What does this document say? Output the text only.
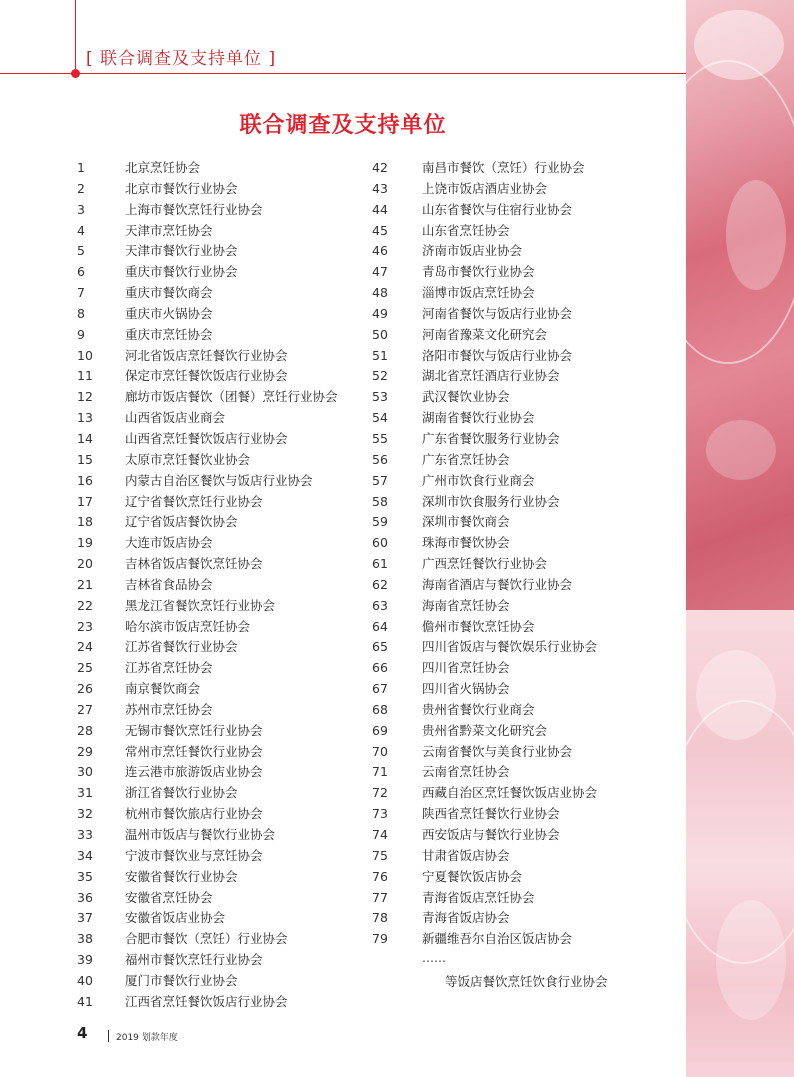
[ 联合调查及支持单位 ]
联合调查及支持单位
1	北京烹饪协会
2	北京市餐饮行业协会
3	上海市餐饮烹饪行业协会
4	天津市烹饪协会
5	天津市餐饮行业协会
6	重庆市餐饮行业协会
7	重庆市餐饮商会
8	重庆市火锅协会
9	重庆市烹饪协会
10	河北省饭店烹饪餐饮行业协会
11	保定市烹饪餐饮饭店行业协会
12	廊坊市饭店餐饮（团餐）烹饪行业协会
13	山西省饭店业商会
14	山西省烹饪餐饮饭店行业协会
15	太原市烹饪餐饮业协会
16	内蒙古自治区餐饮与饭店行业协会
17	辽宁省餐饮烹饪行业协会
18	辽宁省饭店餐饮协会
19	大连市饭店协会
20	吉林省饭店餐饮烹饪协会
21	吉林省食品协会
22	黑龙江省餐饮烹饪行业协会
23	哈尔滨市饭店烹饪协会
24	江苏省餐饮行业协会
25	江苏省烹饪协会
26	南京餐饮商会
27	苏州市烹饪协会
28	无锡市餐饮烹饪行业协会
29	常州市烹饪餐饮行业协会
30	连云港市旅游饭店业协会
31	浙江省餐饮行业协会
32	杭州市餐饮旅店行业协会
33	温州市饭店与餐饮行业协会
34	宁波市餐饮业与烹饪协会
35	安徽省餐饮行业协会
36	安徽省烹饪协会
37	安徽省饭店业协会
38	合肥市餐饮（烹饪）行业协会
39	福州市餐饮烹饪行业协会
40	厦门市餐饮行业协会
41	江西省烹饪餐饮饭店行业协会
42	南昌市餐饮（烹饪）行业协会
43	上饶市饭店酒店业协会
44	山东省餐饮与住宿行业协会
45	山东省烹饪协会
46	济南市饭店业协会
47	青岛市餐饮行业协会
48	淄博市饭店烹饪协会
49	河南省餐饮与饭店行业协会
50	河南省豫菜文化研究会
51	洛阳市餐饮与饭店行业协会
52	湖北省烹饪酒店行业协会
53	武汉餐饮业协会
54	湖南省餐饮行业协会
55	广东省餐饮服务行业协会
56	广东省烹饪协会
57	广州市饮食行业商会
58	深圳市饮食服务行业协会
59	深圳市餐饮商会
60	珠海市餐饮协会
61	广西烹饪餐饮行业协会
62	海南省酒店与餐饮行业协会
63	海南省烹饪协会
64	儋州市餐饮烹饪协会
65	四川省饭店与餐饮娱乐行业协会
66	四川省烹饪协会
67	四川省火锅协会
68	贵州省餐饮行业商会
69	贵州省黔菜文化研究会
70	云南省餐饮与美食行业协会
71	云南省烹饪协会
72	西藏自治区烹饪餐饮饭店业协会
73	陕西省烹饪餐饮行业协会
74	西安饭店与餐饮行业协会
75	甘肃省饭店协会
76	宁夏餐饮饭店协会
77	青海省饭店烹饪协会
78	青海省饭店协会
79	新疆维吾尔自治区饭店协会
……
等饭店餐饮烹饪饮食行业协会
4	2019 划款年度
